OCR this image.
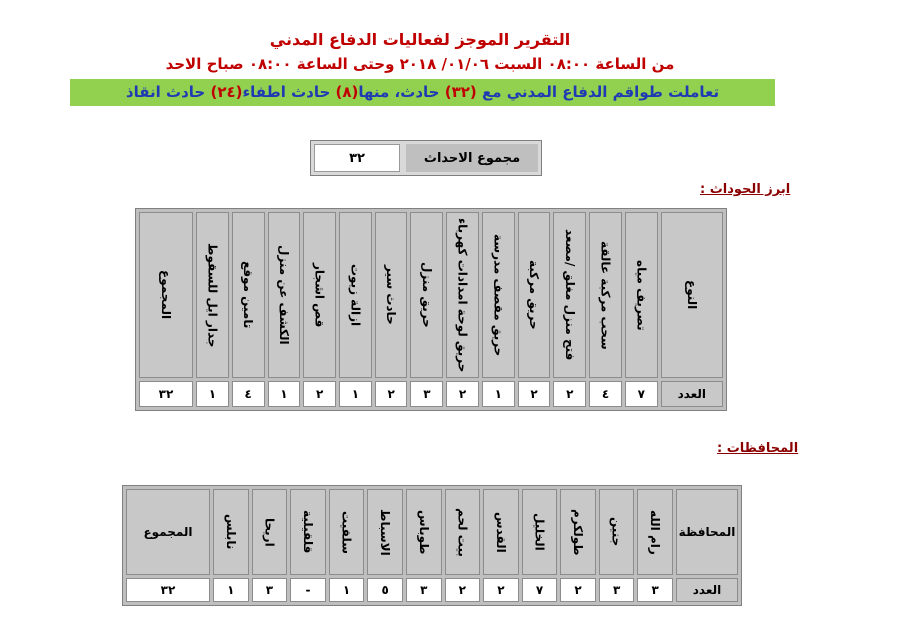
التقرير الموجز لفعاليات الدفاع المدني
من الساعة ٠٨:٠٠ السبت ٠١/٠٦/ ٢٠١٨ وحتى الساعة ٠٨:٠٠ صباح الاحد
تعاملت طواقم الدفاع المدني مع (٣٢) حادث، منها(٨) حادث اطفاء(٢٤) حادث انقاذ
مجموع الاحداث
٣٢
ابرز الحوداث :
النوع	تصريف مياه	سحب مركبة عالقة	فتح منزل مغلق /مصعد	حريق مركبة	حريق مقصف مدرسة	حريق لوحة امدادات كهرباء	حريق منزل	حادث سير	ازالة زيوت	قص اشجار	الكشف عن منزل	تامين موقع	جدار ايل للسقوط	المجموع

العدد	٧	٤	٢	٢	١	٢	٣	٢	١	٢	١	٤	١	٣٢
المحافظات :
المحافظة	رام الله	جنين	طولكرم	الخليل	القدس	بيت لحم	طوباس	الاسباط	سلفيت	قلقيلية	اريحا	نابلس	المجموع

العدد	٣	٣	٢	٧	٢	٢	٣	٥	١	-	٣	١	٣٢
